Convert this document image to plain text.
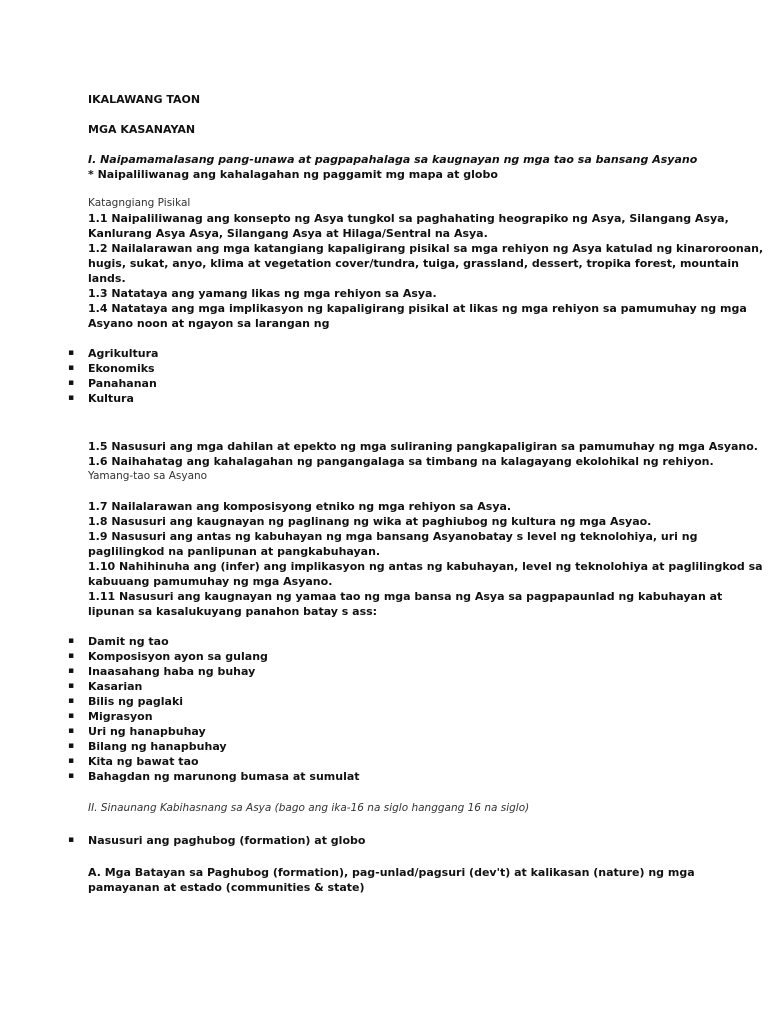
IKALAWANG TAON
MGA KASANAYAN
I. Naipamamalasang pang-unawa at pagpapahalaga sa kaugnayan ng mga tao sa bansang Asyano
* Naipaliliwanag ang kahalagahan ng paggamit mg mapa at globo
Katagngiang Pisikal
1.1 Naipaliliwanag ang konsepto ng Asya tungkol sa paghahating heograpiko ng Asya, Silangang Asya,
Kanlurang Asya Asya, Silangang Asya at Hilaga/Sentral na Asya.
1.2 Nailalarawan ang mga katangiang kapaligirang pisikal sa mga rehiyon ng Asya katulad ng kinaroroonan,
hugis, sukat, anyo, klima at vegetation cover/tundra, tuiga, grassland, dessert, tropika forest, mountain
lands.
1.3 Natataya ang yamang likas ng mga rehiyon sa Asya.
1.4 Natataya ang mga implikasyon ng kapaligirang pisikal at likas ng mga rehiyon sa pamumuhay ng mga
Asyano noon at ngayon sa larangan ng
▪ Agrikultura
▪ Ekonomiks
▪ Panahanan
▪ Kultura
1.5 Nasusuri ang mga dahilan at epekto ng mga suliraning pangkapaligiran sa pamumuhay ng mga Asyano.
1.6 Naihahatag ang kahalagahan ng pangangalaga sa timbang na kalagayang ekolohikal ng rehiyon.
Yamang-tao sa Asyano
1.7 Nailalarawan ang komposisyong etniko ng mga rehiyon sa Asya.
1.8 Nasusuri ang kaugnayan ng paglinang ng wika at paghiubog ng kultura ng mga Asyao.
1.9 Nasusuri ang antas ng kabuhayan ng mga bansang Asyanobatay s level ng teknolohiya, uri ng
paglilingkod na panlipunan at pangkabuhayan.
1.10 Nahihinuha ang (infer) ang implikasyon ng antas ng kabuhayan, level ng teknolohiya at paglilingkod sa
kabuuang pamumuhay ng mga Asyano.
1.11 Nasusuri ang kaugnayan ng yamaa tao ng mga bansa ng Asya sa pagpapaunlad ng kabuhayan at
lipunan sa kasalukuyang panahon batay s ass:
▪ Damit ng tao
▪ Komposisyon ayon sa gulang
▪ Inaasahang haba ng buhay
▪ Kasarian
▪ Bilis ng paglaki
▪ Migrasyon
▪ Uri ng hanapbuhay
▪ Bilang ng hanapbuhay
▪ Kita ng bawat tao
▪ Bahagdan ng marunong bumasa at sumulat
II. Sinaunang Kabihasnang sa Asya (bago ang ika-16 na siglo hanggang 16 na siglo)
▪ Nasusuri ang paghubog (formation) at globo
A. Mga Batayan sa Paghubog (formation), pag-unlad/pagsuri (dev't) at kalikasan (nature) ng mga
pamayanan at estado (communities & state)
